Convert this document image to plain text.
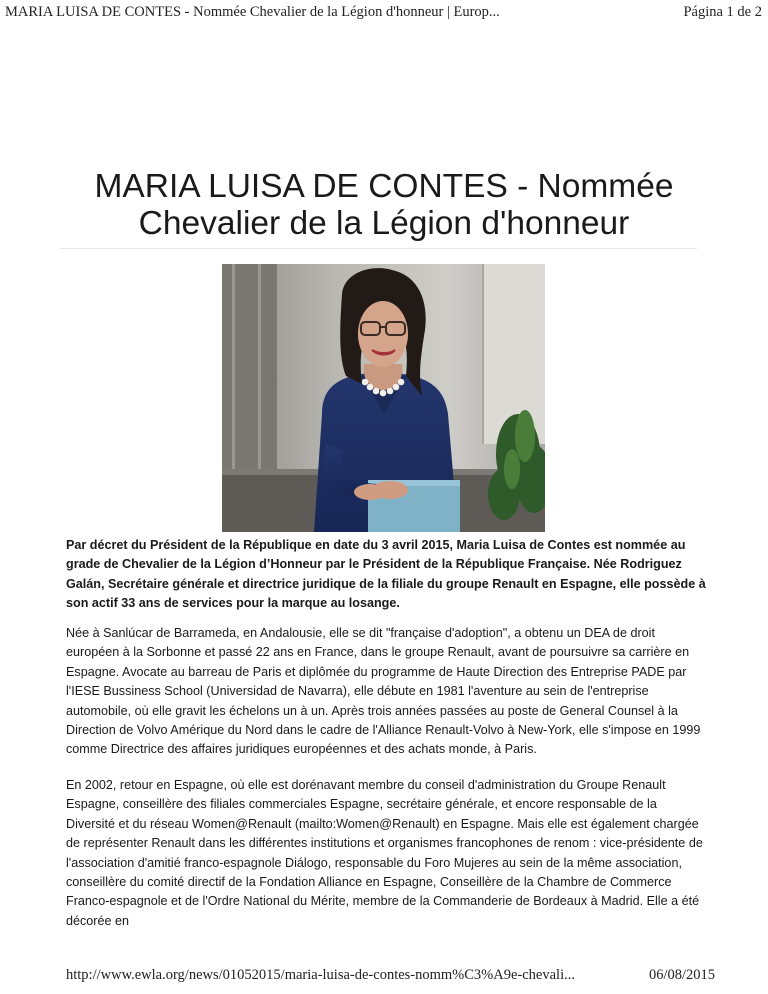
MARIA LUISA DE CONTES - Nommée Chevalier de la Légion d'honneur | Europ...	Página 1 de 2
MARIA LUISA DE CONTES - Nommée Chevalier de la Légion d'honneur

Par décret du Président de la République en date du 3 avril 2015, Maria Luisa de Contes est nommée au grade de Chevalier de la Légion d’Honneur par le Président de la République Française. Née Rodriguez Galán, Secrétaire générale et directrice juridique de la filiale du groupe Renault en Espagne, elle possède à son actif 33 ans de services pour la marque au losange.

Née à Sanlúcar de Barrameda, en Andalousie, elle se dit "française d'adoption", a obtenu un DEA de droit européen à la Sorbonne et passé 22 ans en France, dans le groupe Renault, avant de poursuivre sa carrière en Espagne. Avocate au barreau de Paris et diplômée du programme de Haute Direction des Entreprise PADE par l'IESE Bussiness School (Universidad de Navarra), elle débute en 1981 l'aventure au sein de l'entreprise automobile, où elle gravit les échelons un à un. Après trois années passées au poste de General Counsel à la Direction de Volvo Amérique du Nord dans le cadre de l'Alliance Renault-Volvo à New-York, elle s'impose en 1999 comme Directrice des affaires juridiques européennes et des achats monde, à Paris.

En 2002, retour en Espagne, où elle est dorénavant membre du conseil d'administration du Groupe Renault Espagne, conseillère des filiales commerciales Espagne, secrétaire générale, et encore responsable de la Diversité et du réseau Women@Renault (mailto:Women@Renault) en Espagne. Mais elle est également chargée de représenter Renault dans les différentes institutions et organismes francophones de renom : vice-présidente de l'association d'amitié franco-espagnole Diálogo, responsable du Foro Mujeres au sein de la même association, conseillère du comité directif de la Fondation Alliance en Espagne, Conseillère de la Chambre de Commerce Franco-espagnole et de l'Ordre National du Mérite, membre de la Commanderie de Bordeaux à Madrid. Elle a été décorée en

http://www.ewla.org/news/01052015/maria-luisa-de-contes-nomm%C3%A9e-chevali...	06/08/2015
